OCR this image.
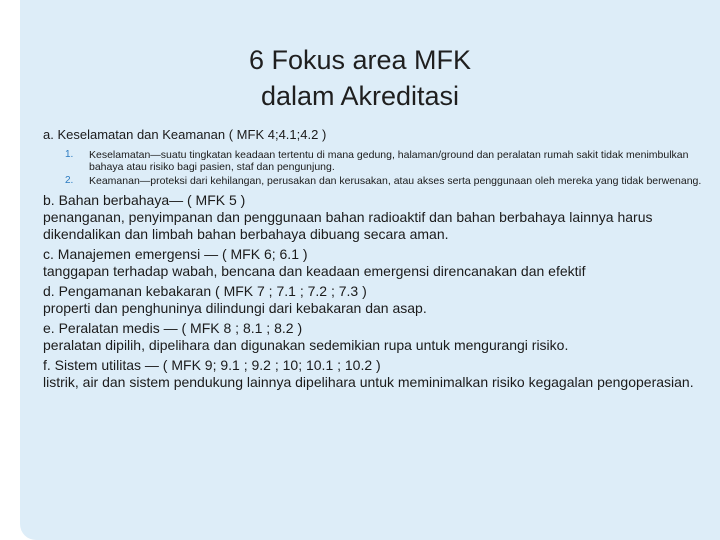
6 Fokus area MFK
dalam Akreditasi

a. Keselamatan dan Keamanan ( MFK 4;4.1;4.2 )

1. Keselamatan—suatu tingkatan keadaan tertentu di mana gedung, halaman/ground dan peralatan rumah sakit tidak menimbulkan bahaya atau risiko bagi pasien, staf dan pengunjung.
2. Keamanan—proteksi dari kehilangan, perusakan dan kerusakan, atau akses serta penggunaan oleh mereka yang tidak berwenang.

b. Bahan berbahaya— ( MFK 5 )

penanganan, penyimpanan dan penggunaan bahan radioaktif dan bahan berbahaya lainnya harus dikendalikan dan limbah bahan berbahaya dibuang secara aman.

c. Manajemen emergensi — ( MFK 6; 6.1 )

tanggapan terhadap wabah, bencana dan keadaan emergensi direncanakan dan efektif

d. Pengamanan kebakaran ( MFK 7 ; 7.1 ; 7.2 ; 7.3 )

properti dan penghuninya dilindungi dari kebakaran dan asap.

e. Peralatan medis — ( MFK 8 ; 8.1 ; 8.2 )

peralatan dipilih, dipelihara dan digunakan sedemikian rupa untuk mengurangi risiko.

f. Sistem utilitas — ( MFK 9; 9.1 ; 9.2 ; 10; 10.1 ; 10.2 )

listrik, air dan sistem pendukung lainnya dipelihara untuk meminimalkan risiko kegagalan pengoperasian.
